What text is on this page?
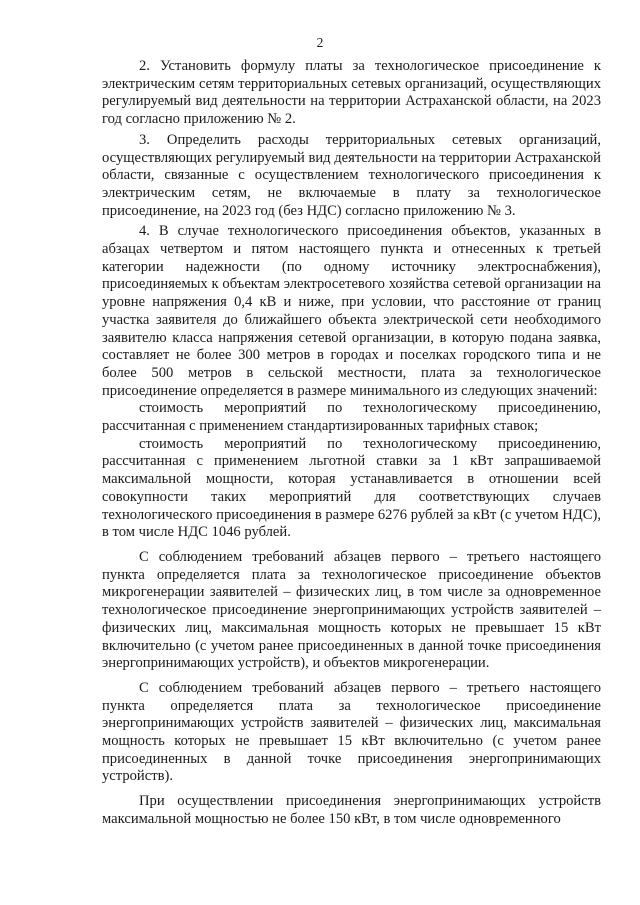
2

2. Установить формулу платы за технологическое присоединение к электрическим сетям территориальных сетевых организаций, осуществляющих регулируемый вид деятельности на территории Астраханской области, на 2023 год согласно приложению № 2.

3. Определить расходы территориальных сетевых организаций, осуществляющих регулируемый вид деятельности на территории Астраханской области, связанные с осуществлением технологического присоединения к электрическим сетям, не включаемые в плату за технологическое присоединение, на 2023 год (без НДС) согласно приложению № 3.

4. В случае технологического присоединения объектов, указанных в абзацах четвертом и пятом настоящего пункта и отнесенных к третьей категории надежности (по одному источнику электроснабжения), присоединяемых к объектам электросетевого хозяйства сетевой организации на уровне напряжения 0,4 кВ и ниже, при условии, что расстояние от границ участка заявителя до ближайшего объекта электрической сети необходимого заявителю класса напряжения сетевой организации, в которую подана заявка, составляет не более 300 метров в городах и поселках городского типа и не более 500 метров в сельской местности, плата за технологическое присоединение определяется в размере минимального из следующих значений:

стоимость мероприятий по технологическому присоединению, рассчитанная с применением стандартизированных тарифных ставок;

стоимость мероприятий по технологическому присоединению, рассчитанная с применением льготной ставки за 1 кВт запрашиваемой максимальной мощности, которая устанавливается в отношении всей совокупности таких мероприятий для соответствующих случаев технологического присоединения в размере 6276 рублей за кВт (с учетом НДС), в том числе НДС 1046 рублей.

С соблюдением требований абзацев первого – третьего настоящего пункта определяется плата за технологическое присоединение объектов микрогенерации заявителей – физических лиц, в том числе за одновременное технологическое присоединение энергопринимающих устройств заявителей – физических лиц, максимальная мощность которых не превышает 15 кВт включительно (с учетом ранее присоединенных в данной точке присоединения энергопринимающих устройств), и объектов микрогенерации.

С соблюдением требований абзацев первого – третьего настоящего пункта определяется плата за технологическое присоединение энергопринимающих устройств заявителей – физических лиц, максимальная мощность которых не превышает 15 кВт включительно (с учетом ранее присоединенных в данной точке присоединения энергопринимающих устройств).

При осуществлении присоединения энергопринимающих устройств максимальной мощностью не более 150 кВт, в том числе одновременного
